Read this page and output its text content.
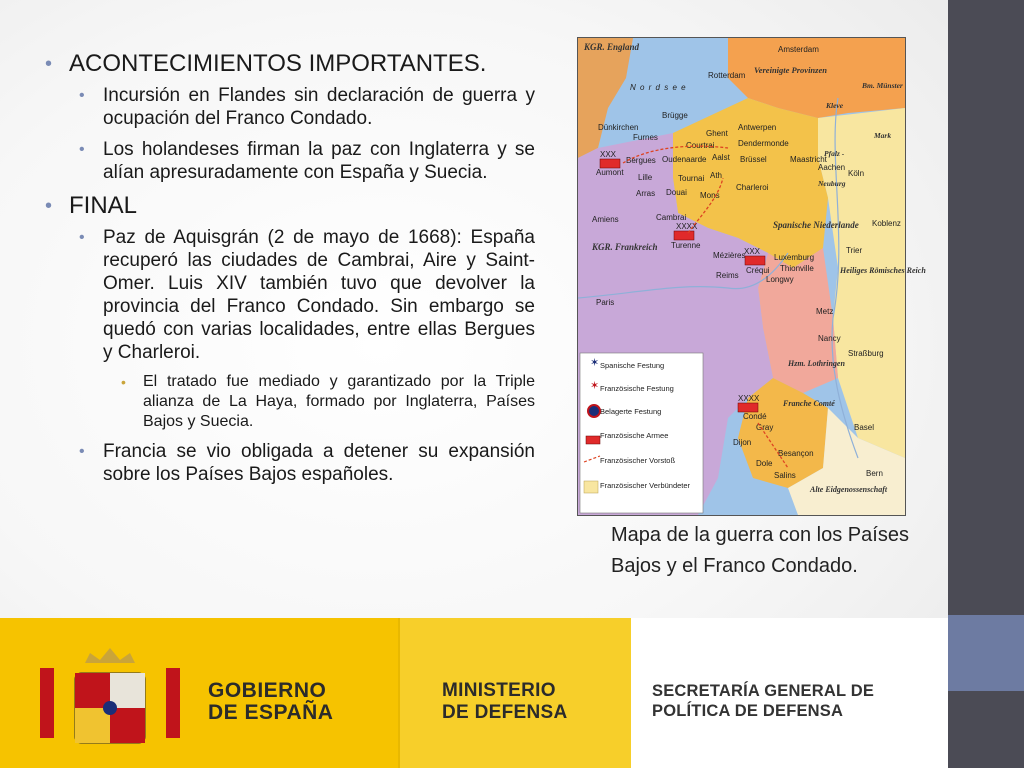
• ACONTECIMIENTOS IMPORTANTES.
• Incursión en Flandes sin declaración de guerra y ocupación del Franco Condado.
• Los holandeses firman la paz con Inglaterra y se alían apresuradamente con España y Suecia.
• FINAL
• Paz de Aquisgrán (2 de mayo de 1668): España recuperó las ciudades de Cambrai, Aire y Saint-Omer. Luis XIV también tuvo que devolver la provincia del Franco Condado. Sin embargo se quedó con varias localidades, entre ellas Bergues y Charleroi.
• El tratado fue mediado y garantizado por la Triple alianza de La Haya, formado por Inglaterra, Países Bajos y Suecia.
• Francia se vio obligada a detener su expansión sobre los Países Bajos españoles.
KGR. England
N o r d s e e
Vereinigte Provinzen
KGR. Frankreich
Spanische Niederlande
Heiliges Römisches Reich
Hzm. Lothringen
Franche Comté
Alte Eidgenossenschaft
Bm. Münster
Pfalz -
Kleve
Mark
Neuburg
Amsterdam
Rotterdam
Brügge
Dünkirchen
Ghent
Antwerpen
Furnes
Courtrai	Dendermonde
Bergues Oudenaarde Aalst Brüssel	Maastricht
Aachen
Köln
Lille	Tournai Ath
Charleroi
Arras Douai Mons
Cambrai
Amiens	Koblenz
Mézières
Trier
Luxemburg
Reims	Longwy
Thionville
Paris
Metz
Nancy
Straßburg
Gray
Besançon
Dole
Salins
Dijon
Basel
Bern
XXX
Aumont
XXXX
Turenne
XXX
Créqui
XXXX
Condé
Spanische Festung
✶
Französische Festung
✶
Belagerte Festung
Französische Armee
Französischer Vorstoß
Französischer Verbündeter
Mapa de la guerra con los Países Bajos y el Franco Condado.
GOBIERNO
DE ESPAÑA
MINISTERIO
DE DEFENSA
SECRETARÍA GENERAL DE
POLÍTICA DE DEFENSA
